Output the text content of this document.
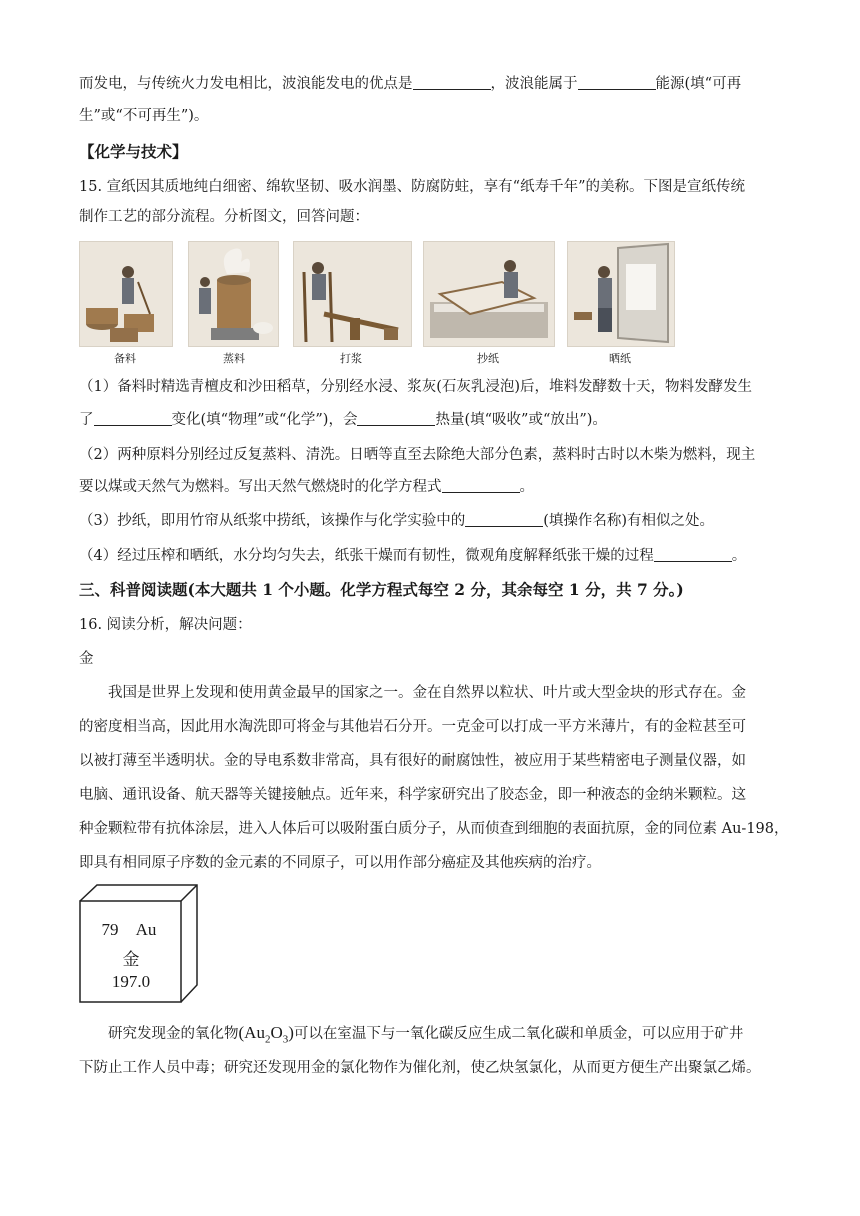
而发电，与传统火力发电相比，波浪能发电的优点是	，波浪能属于	能源(填“可再
生”或“不可再生”)。
【化学与技术】
15. 宣纸因其质地纯白细密、绵软坚韧、吸水润墨、防腐防蛀，享有“纸寿千年”的美称。下图是宣纸传统
制作工艺的部分流程。分析图文，回答问题：
备料	蒸料	打浆	抄纸	晒纸
（1）备料时精选青檀皮和沙田稻草，分别经水浸、浆灰(石灰乳浸泡)后，堆料发酵数十天，物料发酵发生
了	变化(填“物理”或“化学”)，会	热量(填“吸收”或“放出”)。
（2）两种原料分别经过反复蒸料、清洗。日晒等直至去除绝大部分色素，蒸料时古时以木柴为燃料，现主
要以煤或天然气为燃料。写出天然气燃烧时的化学方程式	。
（3）抄纸，即用竹帘从纸浆中捞纸，该操作与化学实验中的	(填操作名称)有相似之处。
（4）经过压榨和晒纸，水分均匀失去，纸张干燥而有韧性，微观角度解释纸张干燥的过程	。
三、科普阅读题(本大题共 1 个小题。化学方程式每空 2 分，其余每空 1 分，共 7 分。)
16. 阅读分析，解决问题：
金
我国是世界上发现和使用黄金最早的国家之一。金在自然界以粒状、叶片或大型金块的形式存在。金
的密度相当高，因此用水淘洗即可将金与其他岩石分开。一克金可以打成一平方米薄片，有的金粒甚至可
以被打薄至半透明状。金的导电系数非常高，具有很好的耐腐蚀性，被应用于某些精密电子测量仪器，如
电脑、通讯设备、航天器等关键接触点。近年来，科学家研究出了胶态金，即一种液态的金纳米颗粒。这
种金颗粒带有抗体涂层，进入人体后可以吸附蛋白质分子，从而侦查到细胞的表面抗原，金的同位素 Au-198，
即具有相同原子序数的金元素的不同原子，可以用作部分癌症及其他疾病的治疗。
79	Au
金
197.0
研究发现金的氧化物$(Au_2O_3)$可以在室温下与一氧化碳反应生成二氧化碳和单质金，可以应用于矿井
下防止工作人员中毒；研究还发现用金的氯化物作为催化剂，使乙炔氢氯化，从而更方便生产出聚氯乙烯。
